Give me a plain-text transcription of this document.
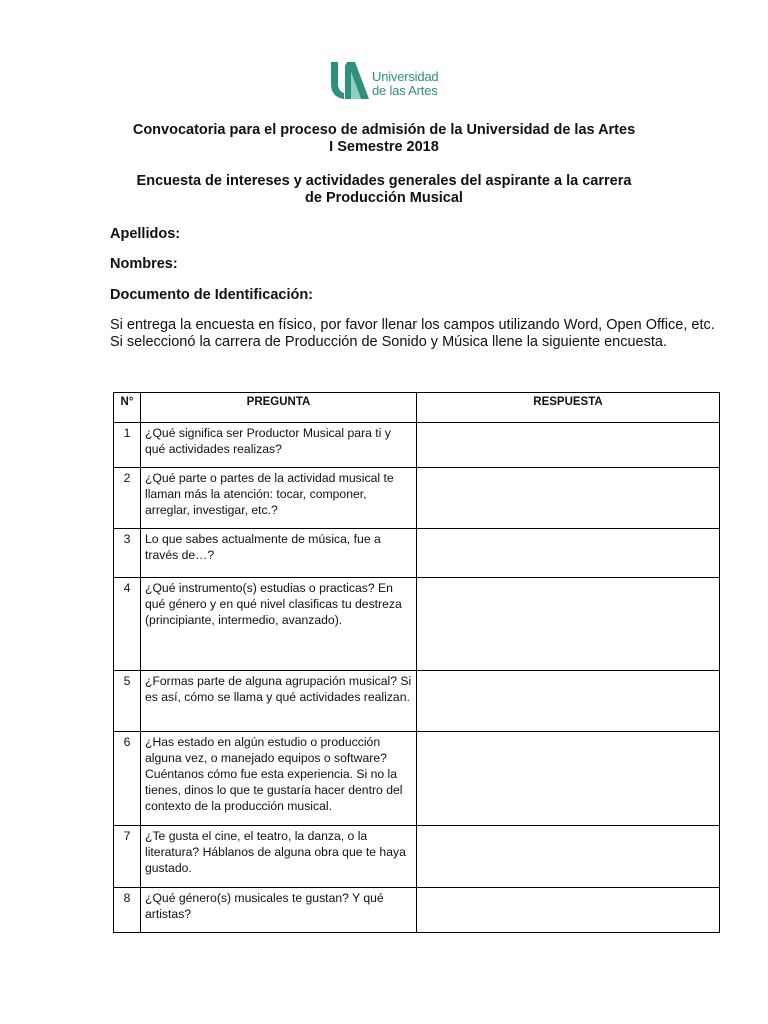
Universidad
de las Artes
Convocatoria para el proceso de admisión de la Universidad de las Artes
I Semestre 2018
Encuesta de intereses y actividades generales del aspirante a la carrera
de Producción Musical
Apellidos:
Nombres:
Documento de Identificación:
Si entrega la encuesta en físico, por favor llenar los campos utilizando Word, Open Office, etc.
Si seleccionó la carrera de Producción de Sonido y Música llene la siguiente encuesta.
N°	PREGUNTA	RESPUESTA
1	¿Qué significa ser Productor Musical para ti y qué actividades realizas?	
2	¿Qué parte o partes de la actividad musical te llaman más la atención: tocar, componer, arreglar, investigar, etc.?	
3	Lo que sabes actualmente de música, fue a través de…?	
4	¿Qué instrumento(s) estudias o practicas? En qué género y en qué nivel clasificas tu destreza (principiante, intermedio, avanzado).	
5	¿Formas parte de alguna agrupación musical? Si es así, cómo se llama y qué actividades realizan.	
6	¿Has estado en algún estudio o producción alguna vez, o manejado equipos o software? Cuéntanos cómo fue esta experiencia. Si no la tienes, dinos lo que te gustaría hacer dentro del contexto de la producción musical.	
7	¿Te gusta el cine, el teatro, la danza, o la literatura? Háblanos de alguna obra que te haya gustado.	
8	¿Qué género(s) musicales te gustan? Y qué artistas?	
